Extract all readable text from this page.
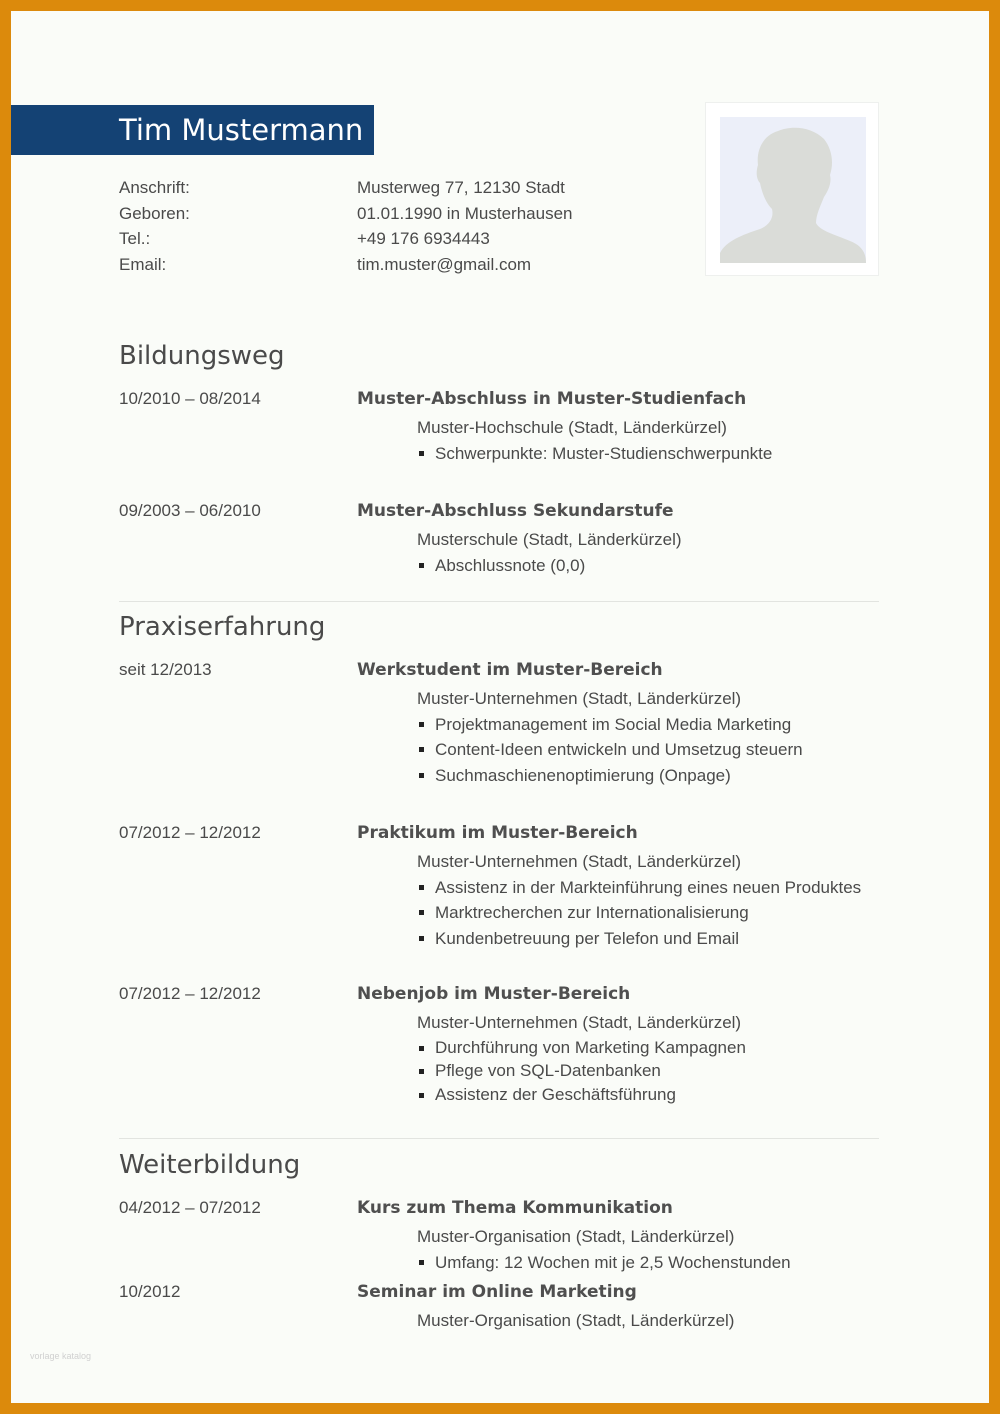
Tim Mustermann
Anschrift:	Musterweg 77, 12130 Stadt
Geboren:	01.01.1990 in Musterhausen
Tel.:	+49 176 6934443
Email:	tim.muster@gmail.com
Bildungsweg
10/2010 – 08/2014	Muster-Abschluss in Muster-Studienfach
Muster-Hochschule (Stadt, Länderkürzel)
Schwerpunkte: Muster-Studienschwerpunkte
09/2003 – 06/2010	Muster-Abschluss Sekundarstufe
Musterschule (Stadt, Länderkürzel)
Abschlussnote (0,0)
Praxiserfahrung
seit 12/2013	Werkstudent im Muster-Bereich
Muster-Unternehmen (Stadt, Länderkürzel)
Projektmanagement im Social Media Marketing
Content-Ideen entwickeln und Umsetzug steuern
Suchmaschienenoptimierung (Onpage)
07/2012 – 12/2012	Praktikum im Muster-Bereich
Muster-Unternehmen (Stadt, Länderkürzel)
Assistenz in der Markteinführung eines neuen Produktes
Marktrecherchen zur Internationalisierung
Kundenbetreuung per Telefon und Email
07/2012 – 12/2012	Nebenjob im Muster-Bereich
Muster-Unternehmen (Stadt, Länderkürzel)
Durchführung von Marketing Kampagnen
Pflege von SQL-Datenbanken
Assistenz der Geschäftsführung
Weiterbildung
04/2012 – 07/2012	Kurs zum Thema Kommunikation
Muster-Organisation (Stadt, Länderkürzel)
Umfang: 12 Wochen mit je 2,5 Wochenstunden
10/2012	Seminar im Online Marketing
Muster-Organisation (Stadt, Länderkürzel)
vorlage katalog
